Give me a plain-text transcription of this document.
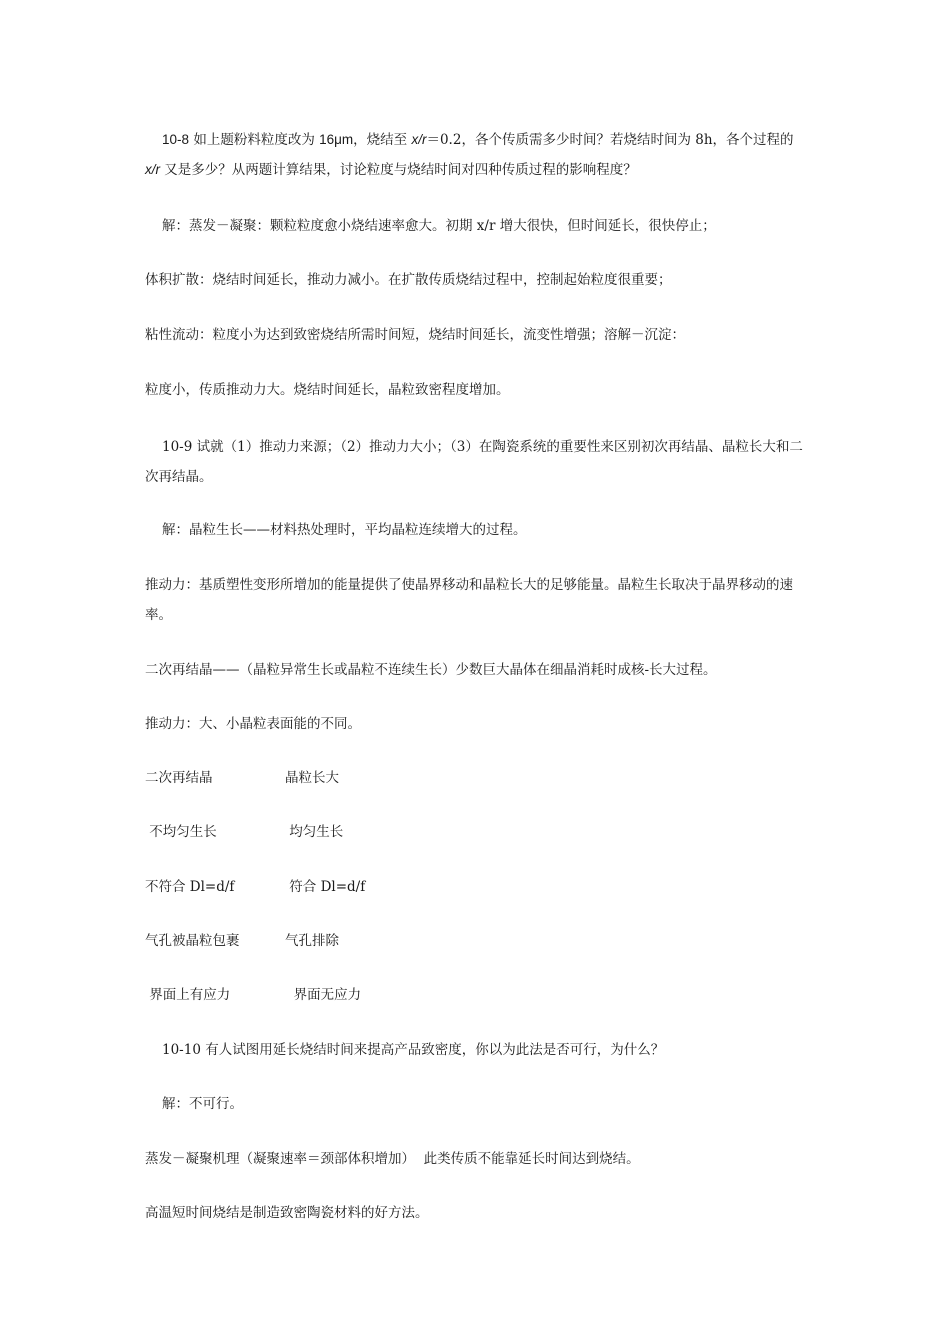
10-8 如上题粉料粒度改为 16μm，烧结至 x/r＝0.2，各个传质需多少时间？若烧结时间为 8h，各个过程的 x/r 又是多少？从两题计算结果，讨论粒度与烧结时间对四种传质过程的影响程度？
解：蒸发－凝聚：颗粒粒度愈小烧结速率愈大。初期 x/r 增大很快，但时间延长，很快停止；
体积扩散：烧结时间延长，推动力减小。在扩散传质烧结过程中，控制起始粒度很重要；
粘性流动：粒度小为达到致密烧结所需时间短，烧结时间延长，流变性增强；溶解－沉淀：
粒度小，传质推动力大。烧结时间延长，晶粒致密程度增加。
10-9 试就（1）推动力来源；（2）推动力大小；（3）在陶瓷系统的重要性来区别初次再结晶、晶粒长大和二次再结晶。
解：晶粒生长——材料热处理时，平均晶粒连续增大的过程。
推动力：基质塑性变形所增加的能量提供了使晶界移动和晶粒长大的足够能量。晶粒生长取决于晶界移动的速率。
二次再结晶——（晶粒异常生长或晶粒不连续生长）少数巨大晶体在细晶消耗时成核-长大过程。
推动力：大、小晶粒表面能的不同。
二次再结晶	晶粒长大
不均匀生长	均匀生长
不符合 Dl=d/f	符合 Dl=d/f
气孔被晶粒包裹	气孔排除
界面上有应力	界面无应力
10-10 有人试图用延长烧结时间来提高产品致密度，你以为此法是否可行，为什么？
解：不可行。
蒸发－凝聚机理（凝聚速率＝颈部体积增加）  此类传质不能靠延长时间达到烧结。
高温短时间烧结是制造致密陶瓷材料的好方法。
